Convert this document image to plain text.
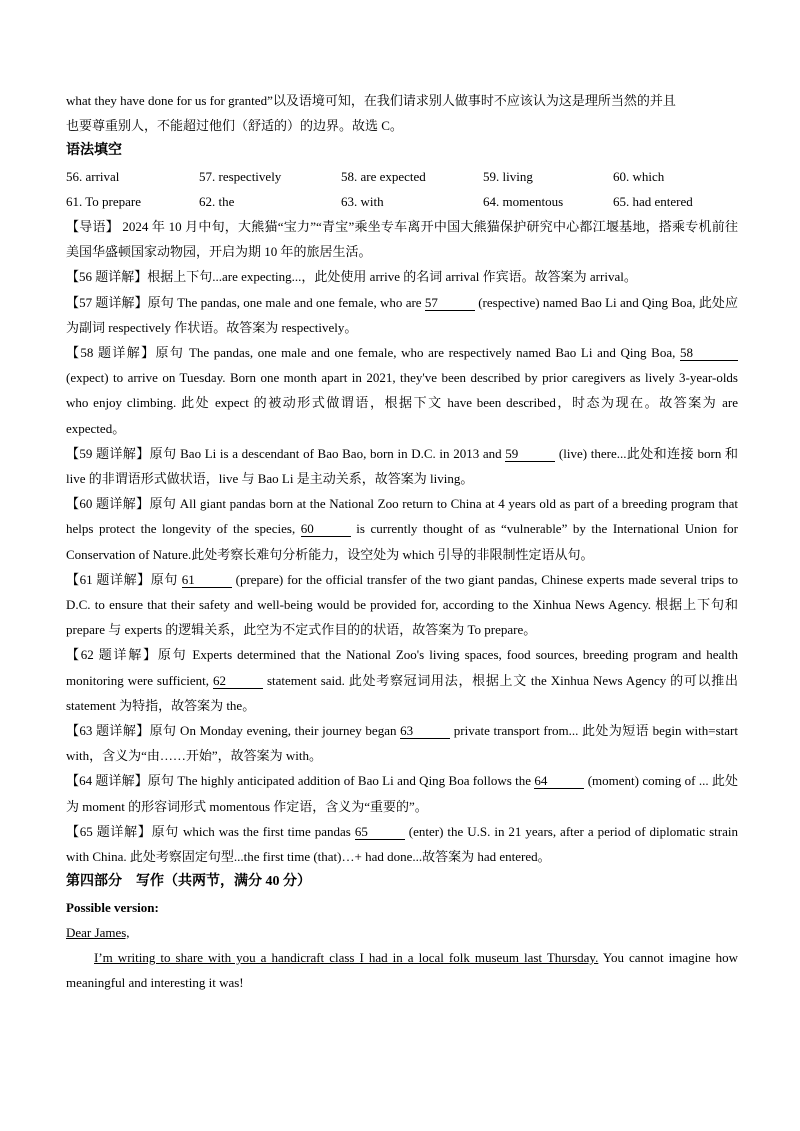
what they have done for us for granted”以及语境可知，在我们请求别人做事时不应该认为这是理所当然的并且
也要尊重别人，不能超过他们（舒适的）的边界。故选 C。

语法填空

56. arrival	57. respectively	58. are expected	59. living	60. which
61. To prepare	62. the	63. with	64. momentous	65. had entered

【导语】 2024 年 10 月中旬，大熊猫“宝力”“青宝”乘坐专车离开中国大熊猫保护研究中心都江堰基地，搭乘专机前往美国华盛顿国家动物园，开启为期 10 年的旅居生活。

【56 题详解】根据上下句...are expecting...，此处使用 arrive 的名词 arrival 作宾语。故答案为 arrival。

【57 题详解】原句 The pandas, one male and one female, who are 57	(respective) named Bao Li and Qing Boa, 此处应为副词 respectively 作状语。故答案为 respectively。

【58 题详解】原句 The pandas, one male and one female, who are respectively named Bao Li and Qing Boa, 58 (expect) to arrive on Tuesday. Born one month apart in 2021, they've been described by prior caregivers as lively 3-year-olds who enjoy climbing. 此处 expect 的被动形式做谓语，根据下文 have been described，时态为现在。故答案为 are expected。

【59 题详解】原句 Bao Li is a descendant of Bao Bao, born in D.C. in 2013 and 59	(live) there...此处和连接 born 和 live 的非谓语形式做状语，live 与 Bao Li 是主动关系，故答案为 living。

【60 题详解】原句 All giant pandas born at the National Zoo return to China at 4 years old as part of a breeding program that helps protect the longevity of the species, 60	is currently thought of as “vulnerable” by the International Union for Conservation of Nature.此处考察长难句分析能力，设空处为 which 引导的非限制性定语从句。

【61 题详解】原句 61	(prepare) for the official transfer of the two giant pandas, Chinese experts made several trips to D.C. to ensure that their safety and well-being would be provided for, according to the Xinhua News Agency. 根据上下句和 prepare 与 experts 的逻辑关系，此空为不定式作目的的状语，故答案为 To prepare。

【62 题详解】原句 Experts determined that the National Zoo's living spaces, food sources, breeding program and health monitoring were sufficient, 62	statement said. 此处考察冠词用法，根据上文 the Xinhua News Agency 的可以推出 statement 为特指，故答案为 the。

【63 题详解】原句 On Monday evening, their journey began 63	private transport from... 此处为短语 begin with=start with，含义为“由……开始”，故答案为 with。

【64 题详解】原句 The highly anticipated addition of Bao Li and Qing Boa follows the 64	(moment) coming of ... 此处为 moment 的形容词形式 momentous 作定语，含义为“重要的”。

【65 题详解】原句 which was the first time pandas 65	(enter) the U.S. in 21 years, after a period of diplomatic strain with China. 此处考察固定句型...the first time (that)…+ had done...故答案为 had entered。

第四部分　写作（共两节，满分 40 分）

Possible version:

Dear James,

I’m writing to share with you a handicraft class I had in a local folk museum last Thursday. You cannot imagine how meaningful and interesting it was!
